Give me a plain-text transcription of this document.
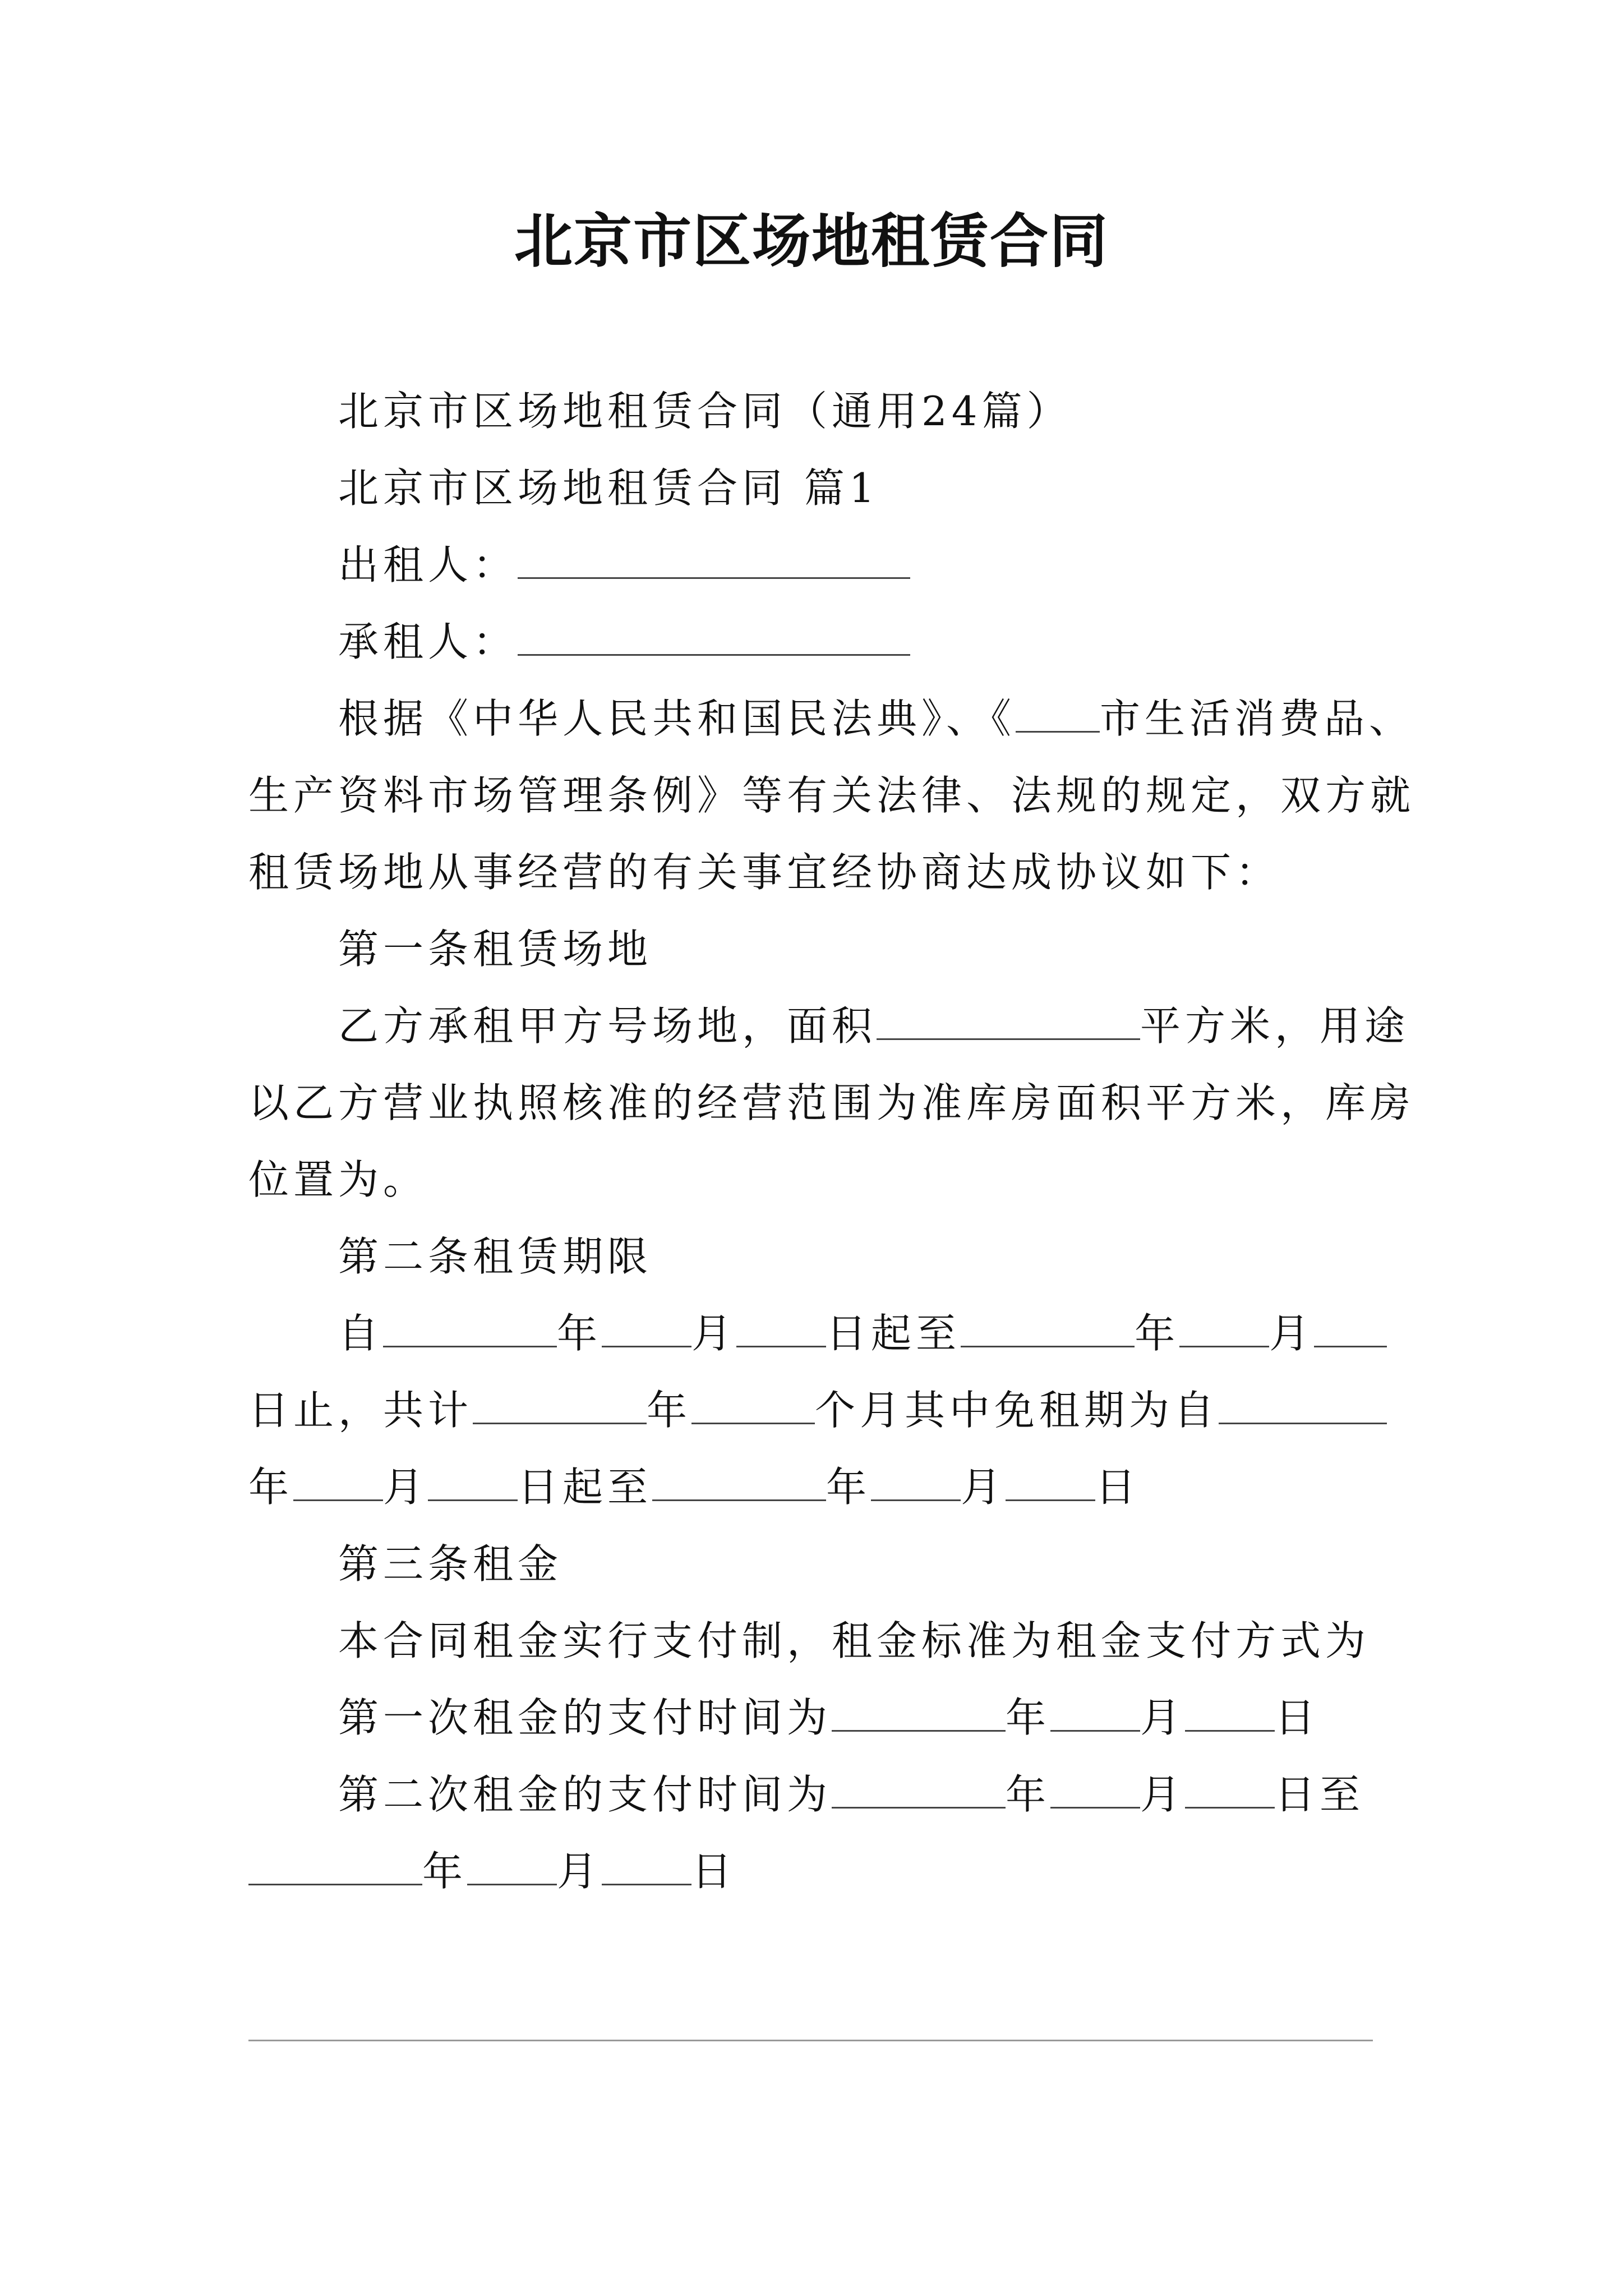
北京市区场地租赁合同

北京市区场地租赁合同（通用24篇）

北京市区场地租赁合同 篇1

出租人：

承租人：

根据《中华人民共和国民法典》、《 市生活消费品、

生产资料市场管理条例》等有关法律、法规的规定，双方就

租赁场地从事经营的有关事宜经协商达成协议如下：

第一条租赁场地

乙方承租甲方号场地，面积	平方米，用途

以乙方营业执照核准的经营范围为准库房面积平方米，库房

位置为。

第二条租赁期限

自	年 月 日起至	年 月

日止，共计	年	个月其中免租期为自

年 月 日起至	年 月 日

第三条租金

本合同租金实行支付制，租金标准为租金支付方式为

第一次租金的支付时间为	年 月 日

第二次租金的支付时间为	年 月 日至

年 月 日
